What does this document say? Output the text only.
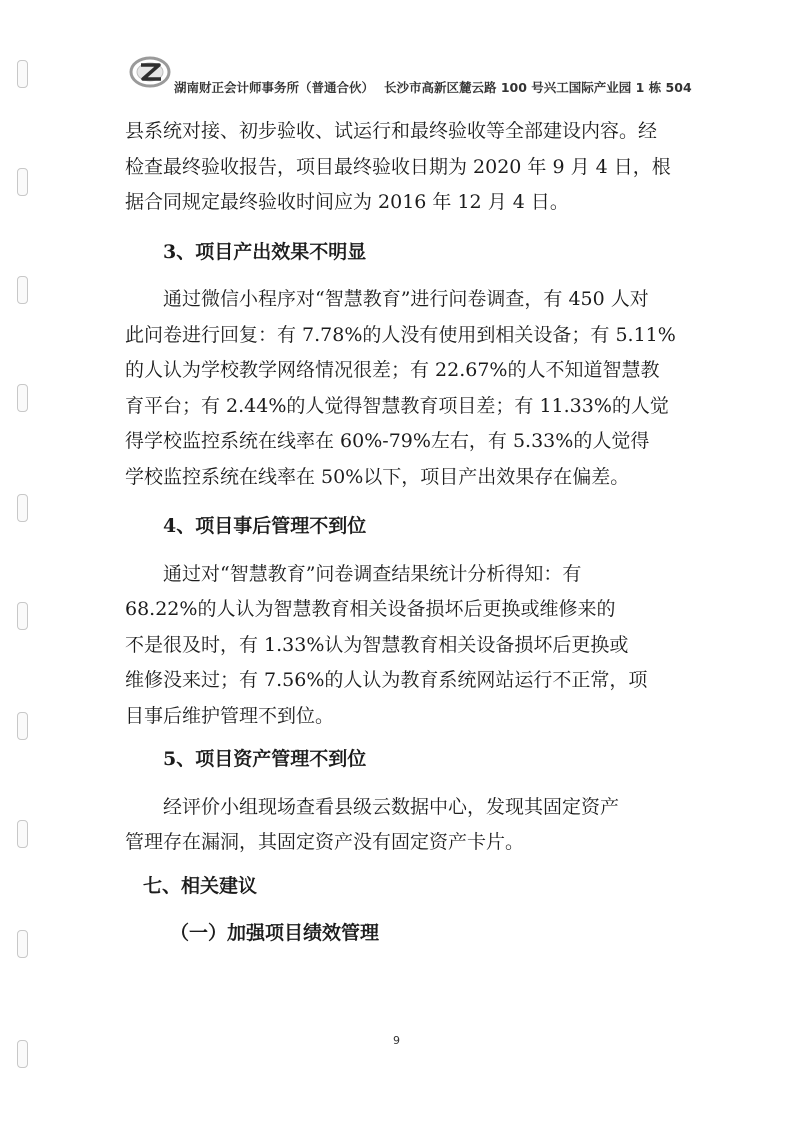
湖南财正会计师事务所（普通合伙） 长沙市高新区麓云路 100 号兴工国际产业园 1 栋 504

县系统对接、初步验收、试运行和最终验收等全部建设内容。经

检查最终验收报告，项目最终验收日期为 2020 年 9 月 4 日，根

据合同规定最终验收时间应为 2016 年 12 月 4 日。

3、项目产出效果不明显

通过微信小程序对“智慧教育”进行问卷调查，有 450 人对

此问卷进行回复：有 7.78%的人没有使用到相关设备；有 5.11%

的人认为学校教学网络情况很差；有 22.67%的人不知道智慧教

育平台；有 2.44%的人觉得智慧教育项目差；有 11.33%的人觉

得学校监控系统在线率在 60%-79%左右，有 5.33%的人觉得

学校监控系统在线率在 50%以下，项目产出效果存在偏差。

4、项目事后管理不到位

通过对“智慧教育”问卷调查结果统计分析得知：有

68.22%的人认为智慧教育相关设备损坏后更换或维修来的

不是很及时，有 1.33%认为智慧教育相关设备损坏后更换或

维修没来过；有 7.56%的人认为教育系统网站运行不正常，项

目事后维护管理不到位。

5、项目资产管理不到位

经评价小组现场查看县级云数据中心，发现其固定资产

管理存在漏洞，其固定资产没有固定资产卡片。

七、相关建议

（一）加强项目绩效管理

9
